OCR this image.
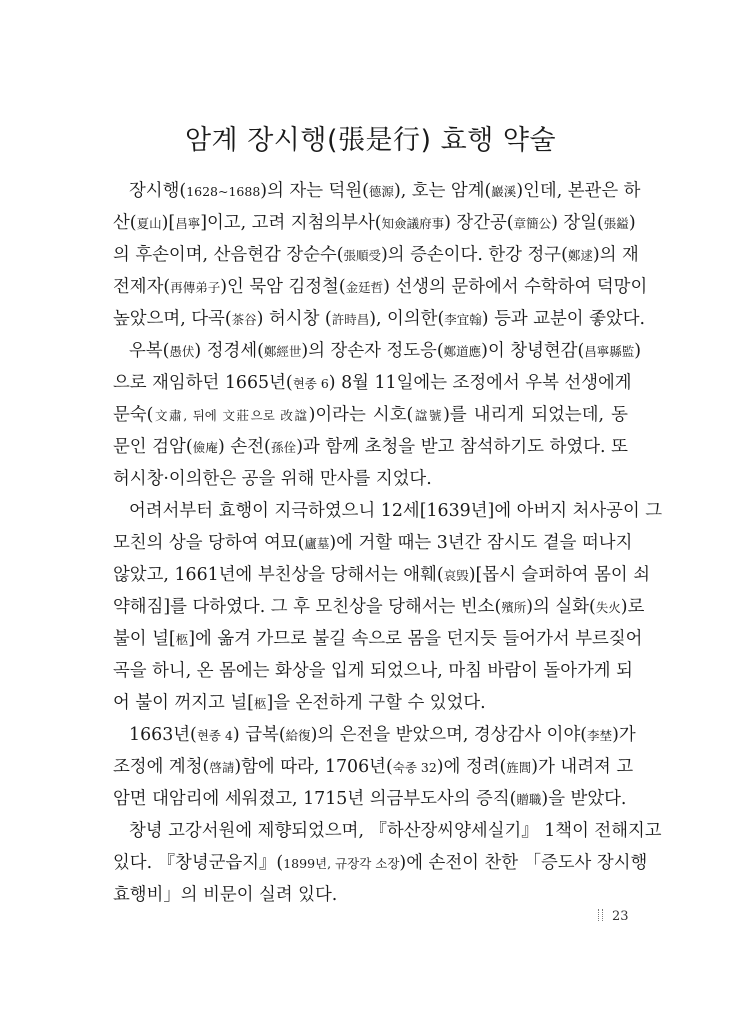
암계 장시행(張是行) 효행 약술
장시행(1628~1688)의 자는 덕원(德源), 호는 암계(巖溪)인데, 본관은 하
산(夏山)[昌寧]이고, 고려 지첨의부사(知僉議府事) 장간공(章簡公) 장일(張鎰)
의 후손이며, 산음현감 장순수(張順受)의 증손이다. 한강 정구(鄭逑)의 재
전제자(再傳弟子)인 묵암 김정철(金廷哲) 선생의 문하에서 수학하여 덕망이
높았으며, 다곡(茶谷) 허시창 (許時昌), 이의한(李宜翰) 등과 교분이 좋았다.
우복(愚伏) 정경세(鄭經世)의 장손자 정도응(鄭道應)이 창녕현감(昌寧縣監)
으로 재임하던 1665년(현종 6) 8월 11일에는 조정에서 우복 선생에게
문숙(文肅, 뒤에 文莊으로 改諡)이라는 시호(諡號)를 내리게 되었는데, 동
문인 검암(儉庵) 손전(孫佺)과 함께 초청을 받고 참석하기도 하였다. 또
허시창·이의한은 공을 위해 만사를 지었다.
어려서부터 효행이 지극하였으니 12세[1639년]에 아버지 처사공이 그
모친의 상을 당하여 여묘(廬墓)에 거할 때는 3년간 잠시도 곁을 떠나지
않았고, 1661년에 부친상을 당해서는 애훼(哀毁)[몹시 슬퍼하여 몸이 쇠
약해짐]를 다하였다. 그 후 모친상을 당해서는 빈소(殯所)의 실화(失火)로
불이 널[柩]에 옮겨 가므로 불길 속으로 몸을 던지듯 들어가서 부르짖어
곡을 하니, 온 몸에는 화상을 입게 되었으나, 마침 바람이 돌아가게 되
어 불이 꺼지고 널[柩]을 온전하게 구할 수 있었다.
1663년(현종 4) 급복(給復)의 은전을 받았으며, 경상감사 이야(李埜)가
조정에 계청(啓請)함에 따라, 1706년(숙종 32)에 정려(旌閭)가 내려져 고
암면 대암리에 세워졌고, 1715년 의금부도사의 증직(贈職)을 받았다.
창녕 고강서원에 제향되었으며, 『하산장씨양세실기』 1책이 전해지고
있다. 『창녕군읍지』(1899년, 규장각 소장)에 손전이 찬한 「증도사 장시행
효행비」의 비문이 실려 있다.
23
